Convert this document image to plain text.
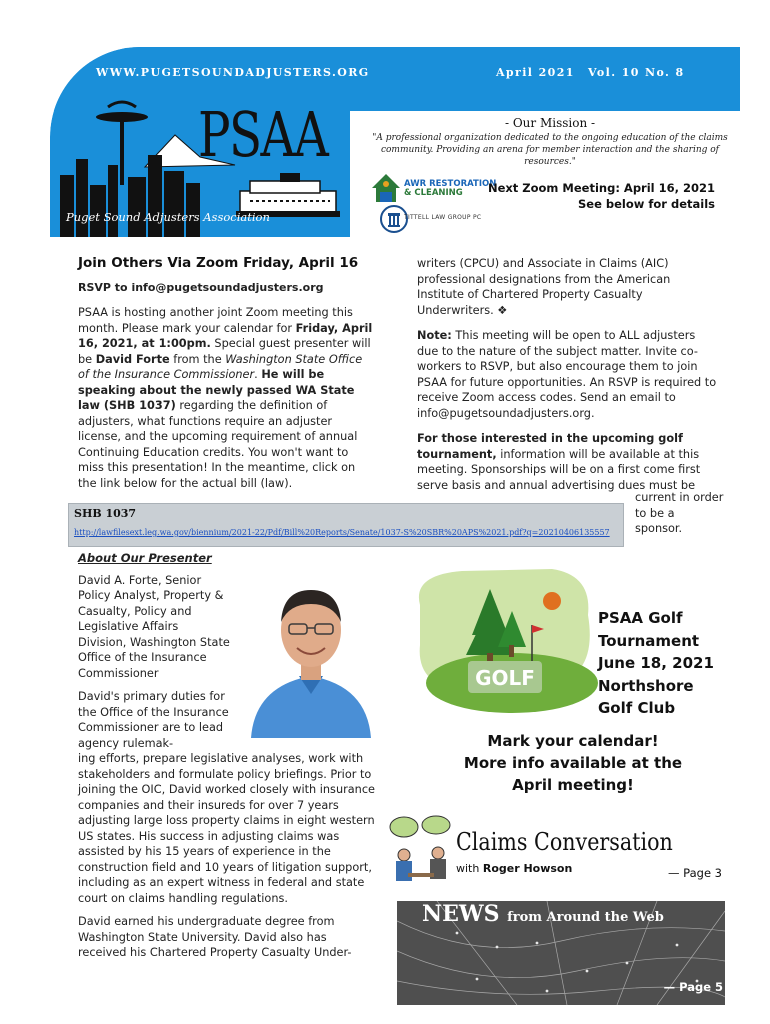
WWW.PUGETSOUNDADJUSTERS.ORG	April 2021 Vol. 10 No. 8
PSAA
Puget Sound Adjusters Association
- Our Mission -
"A professional organization dedicated to the ongoing education of the claims community. Providing an arena for member interaction and the sharing of resources."
AWR RESTORATION
& CLEANING
TITTELL LAW GROUP PC
Next Zoom Meeting: April 16, 2021
See below for details
Join Others Via Zoom Friday, April 16
RSVP to info@pugetsoundadjusters.org

PSAA is hosting another joint Zoom meeting this month. Please mark your calendar for Friday, April 16, 2021, at 1:00pm. Special guest presenter will be David Forte from the Washington State Office of the Insurance Commissioner. He will be speaking about the newly passed WA State law (SHB 1037) regarding the definition of adjusters, what functions require an adjuster license, and the upcoming requirement of annual Continuing Education credits. You won't want to miss this presentation! In the meantime, click on the link below for the actual bill (law).

writers (CPCU) and Associate in Claims (AIC) professional designations from the American Institute of Chartered Property Casualty Underwriters. ❖

Note: This meeting will be open to ALL adjusters due to the nature of the subject matter. Invite co-workers to RSVP, but also encourage them to join PSAA for future opportunities. An RSVP is required to receive Zoom access codes. Send an email to info@pugetsoundadjusters.org.

For those interested in the upcoming golf tournament, information will be available at this meeting. Sponsorships will be on a first come first serve basis and annual advertising dues must be

current in order to be a sponsor.
SHB 1037
http://lawfilesext.leg.wa.gov/biennium/2021-22/Pdf/Bill%20Reports/Senate/1037-S%20SBR%20APS%2021.pdf?q=20210406135557
About Our Presenter

David A. Forte, Senior Policy Analyst, Property & Casualty, Policy and Legislative Affairs Division, Washington State Office of the Insurance Commissioner

David's primary duties for the Office of the Insurance Commissioner are to lead agency rulemak-
ing efforts, prepare legislative analyses, work with stakeholders and formulate policy briefings. Prior to joining the OIC, David worked closely with insurance companies and their insureds for over 7 years adjusting large loss property claims in eight western US states. His success in adjusting claims was assisted by his 15 years of experience in the construction field and 10 years of litigation support, including as an expert witness in federal and state court on claims handling regulations.

David earned his undergraduate degree from Washington State University. David also has received his Chartered Property Casualty Under-

GOLF
PSAA Golf
Tournament
June 18, 2021
Northshore
Golf Club
Mark your calendar!
More info available at the
April meeting!
Claims Conversation
with Roger Howson	— Page 3
NEWS from Around the Web
— Page 5
